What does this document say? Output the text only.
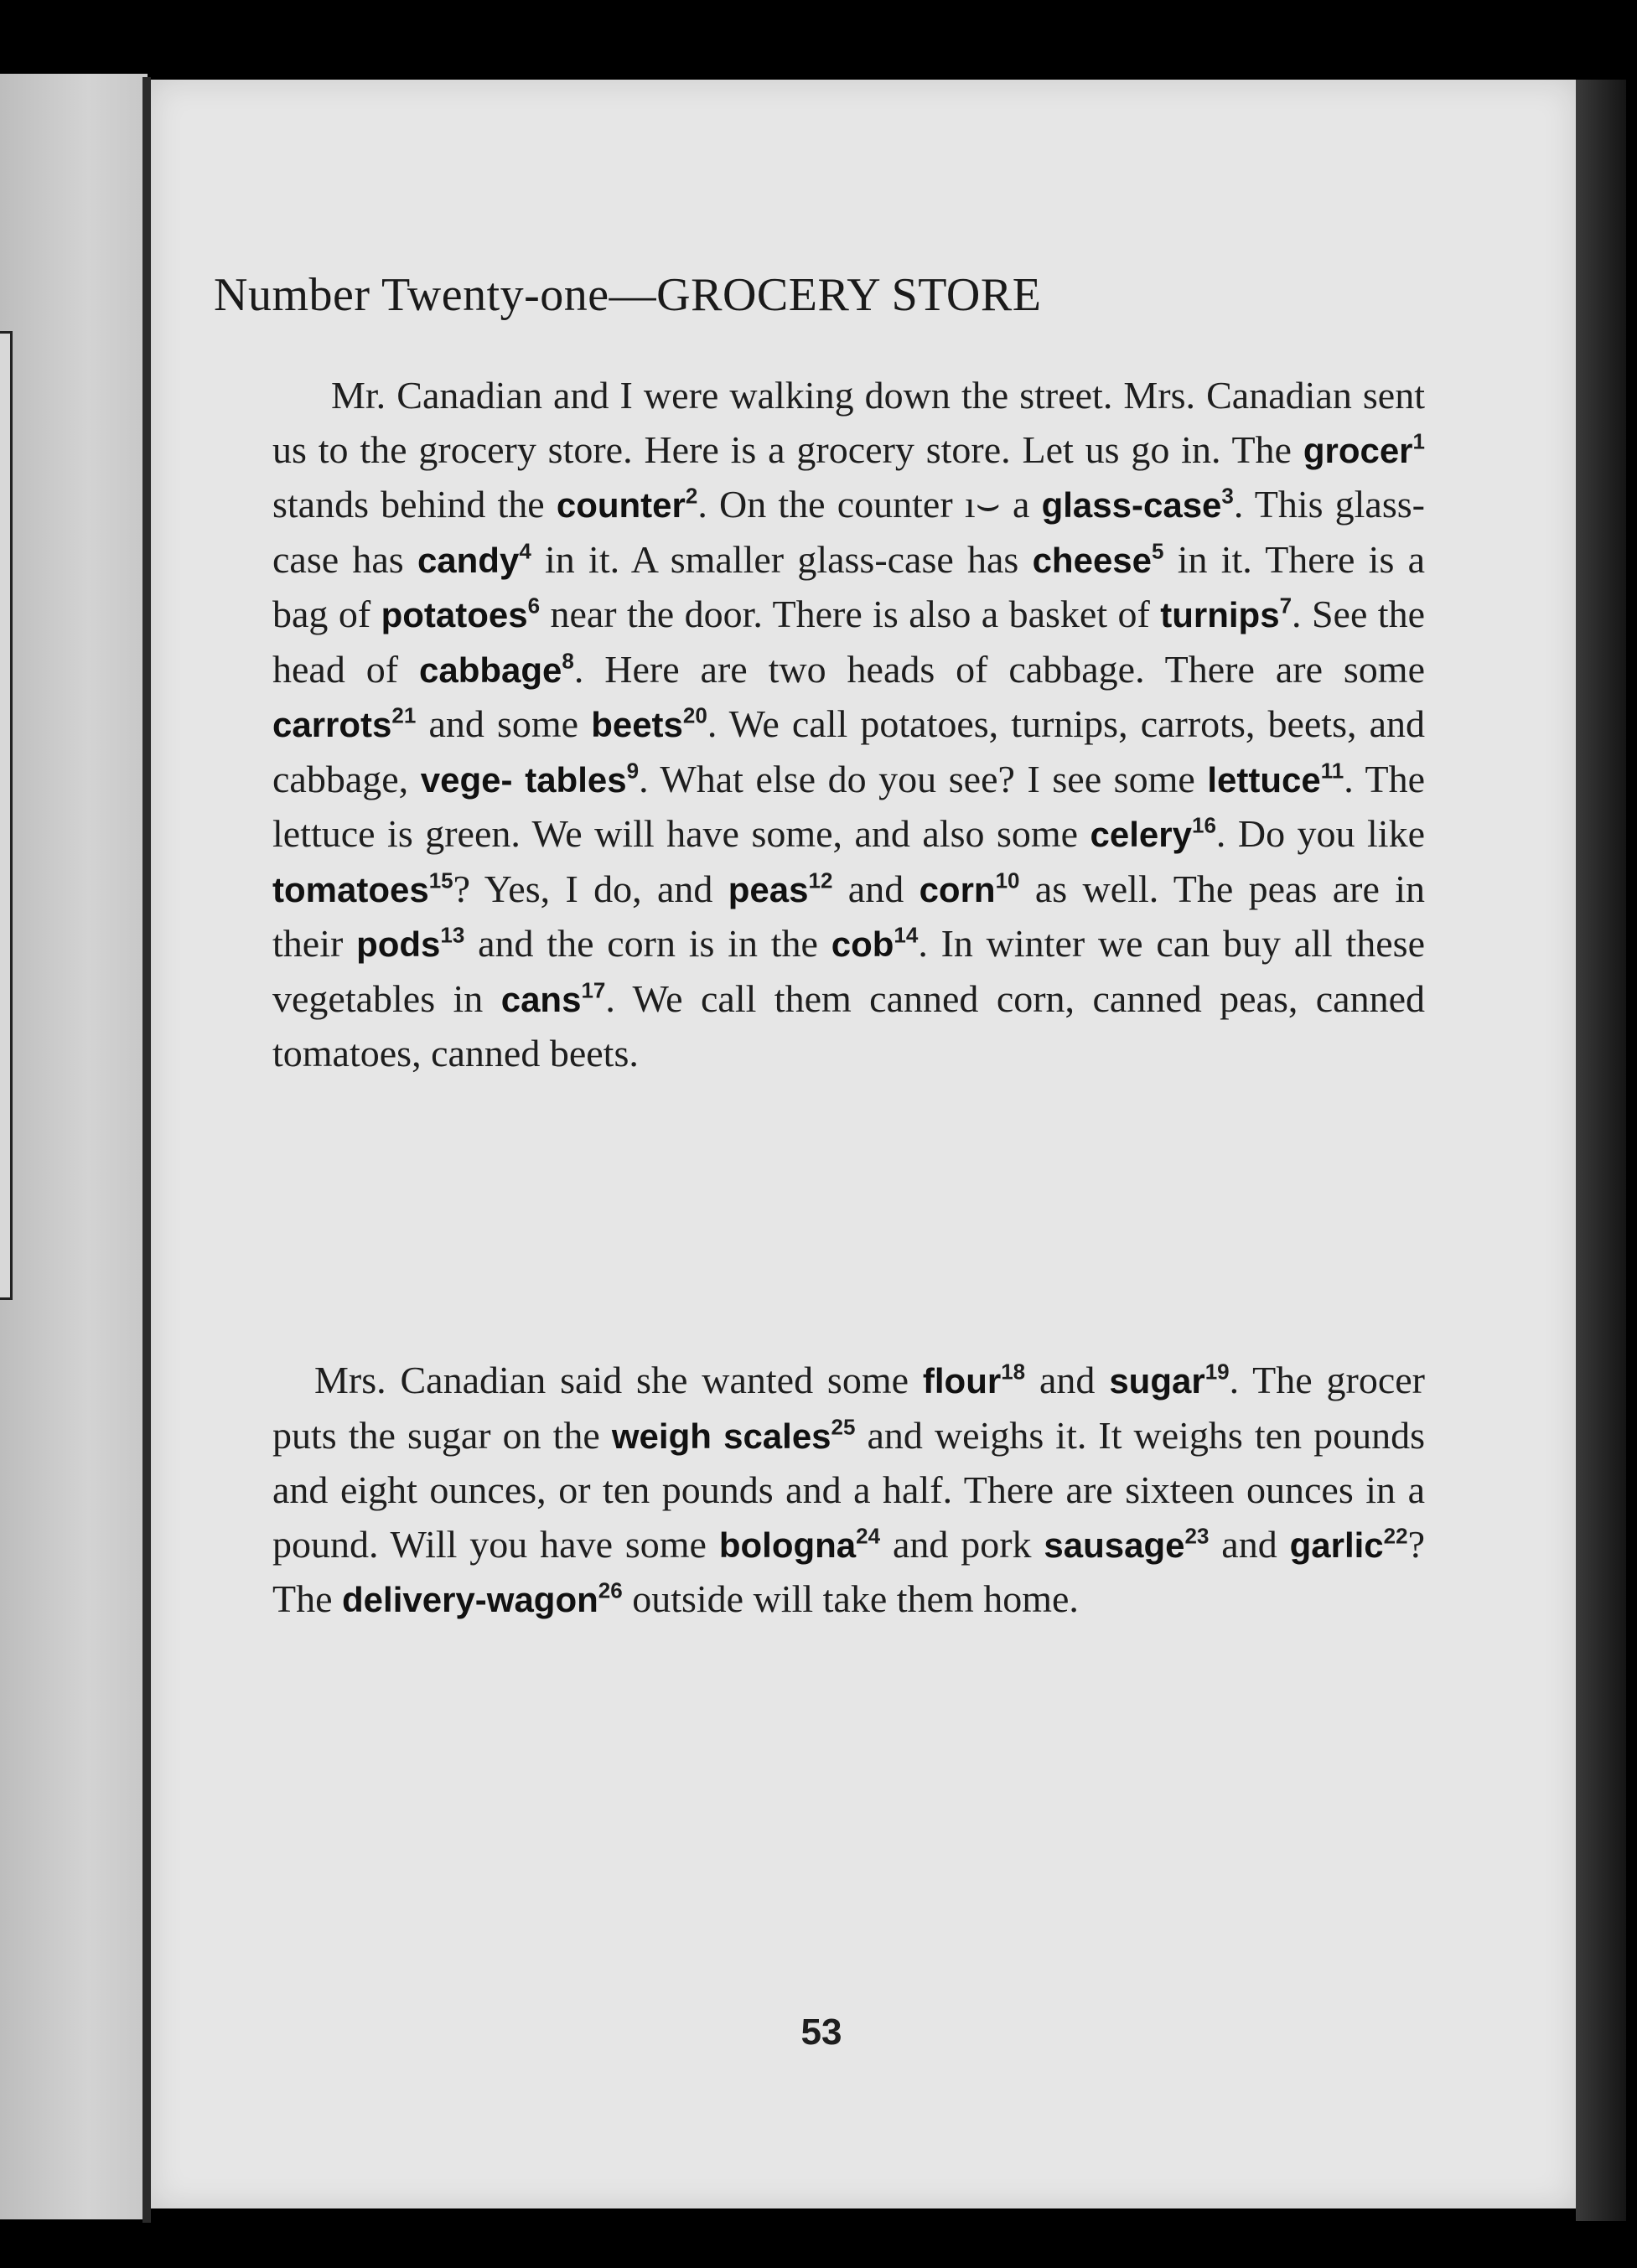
Number Twenty-one—GROCERY STORE
Mr. Canadian and I were walking down the street. Mrs. Canadian sent us to the grocery store. Here is a grocery store. Let us go in. The grocer$^1$ stands behind the counter$^2$. On the counter ı⌣ a glass-case$^3$. This glass-case has candy$^4$ in it. A smaller glass-case has cheese$^5$ in it. There is a bag of potatoes$^6$ near the door. There is also a basket of turnips$^7$. See the head of cabbage$^8$. Here are two heads of cabbage. There are some carrots$^{21}$ and some beets$^{20}$. We call potatoes, turnips, carrots, beets, and cabbage, vege- tables$^9$. What else do you see? I see some lettuce$^{11}$. The lettuce is green. We will have some, and also some celery$^{16}$. Do you like tomatoes$^{15}$? Yes, I do, and peas$^{12}$ and corn$^{10}$ as well. The peas are in their pods$^{13}$ and the corn is in the cob$^{14}$. In winter we can buy all these vegetables in cans$^{17}$. We call them canned corn, canned peas, canned tomatoes, canned beets.
Mrs. Canadian said she wanted some flour$^{18}$ and sugar$^{19}$. The grocer puts the sugar on the weigh scales$^{25}$ and weighs it. It weighs ten pounds and eight ounces, or ten pounds and a half. There are sixteen ounces in a pound. Will you have some bologna$^{24}$ and pork sausage$^{23}$ and garlic$^{22}$? The delivery-wagon$^{26}$ outside will take them home.
53
